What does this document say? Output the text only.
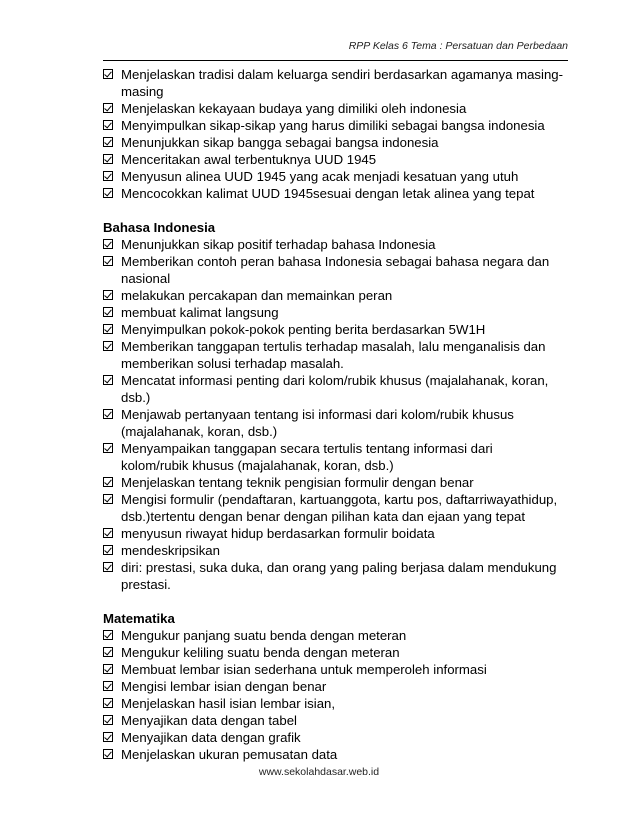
RPP Kelas 6 Tema : Persatuan dan Perbedaan
Menjelaskan tradisi dalam keluarga sendiri berdasarkan agamanya masing-masing
Menjelaskan kekayaan budaya yang dimiliki oleh indonesia
Menyimpulkan sikap-sikap yang harus dimiliki sebagai bangsa indonesia
Menunjukkan sikap bangga sebagai bangsa indonesia
Menceritakan awal terbentuknya UUD 1945
Menyusun alinea UUD 1945 yang acak menjadi kesatuan yang utuh
Mencocokkan kalimat UUD 1945sesuai dengan letak alinea yang tepat
Bahasa Indonesia
Menunjukkan sikap positif terhadap bahasa Indonesia
Memberikan contoh peran bahasa Indonesia sebagai bahasa negara dan nasional
melakukan percakapan dan memainkan peran
membuat kalimat langsung
Menyimpulkan pokok-pokok penting berita berdasarkan 5W1H
Memberikan tanggapan tertulis terhadap masalah, lalu menganalisis dan memberikan solusi terhadap masalah.
Mencatat informasi penting dari kolom/rubik khusus (majalahanak, koran, dsb.)
Menjawab pertanyaan tentang isi informasi dari kolom/rubik khusus (majalahanak, koran, dsb.)
Menyampaikan tanggapan secara tertulis tentang informasi dari kolom/rubik khusus (majalahanak, koran, dsb.)
Menjelaskan tentang teknik pengisian formulir dengan benar
Mengisi formulir (pendaftaran, kartuanggota, kartu pos, daftarriwayathidup, dsb.)tertentu dengan benar dengan pilihan kata dan ejaan yang tepat
menyusun riwayat hidup berdasarkan formulir boidata
mendeskripsikan
diri: prestasi, suka duka, dan orang yang paling berjasa dalam mendukung prestasi.
Matematika
Mengukur panjang suatu benda dengan meteran
Mengukur keliling suatu benda dengan meteran
Membuat lembar isian sederhana untuk memperoleh informasi
Mengisi lembar isian dengan benar
Menjelaskan hasil isian lembar isian,
Menyajikan data dengan tabel
Menyajikan data dengan grafik
Menjelaskan ukuran pemusatan data
www.sekolahdasar.web.id
